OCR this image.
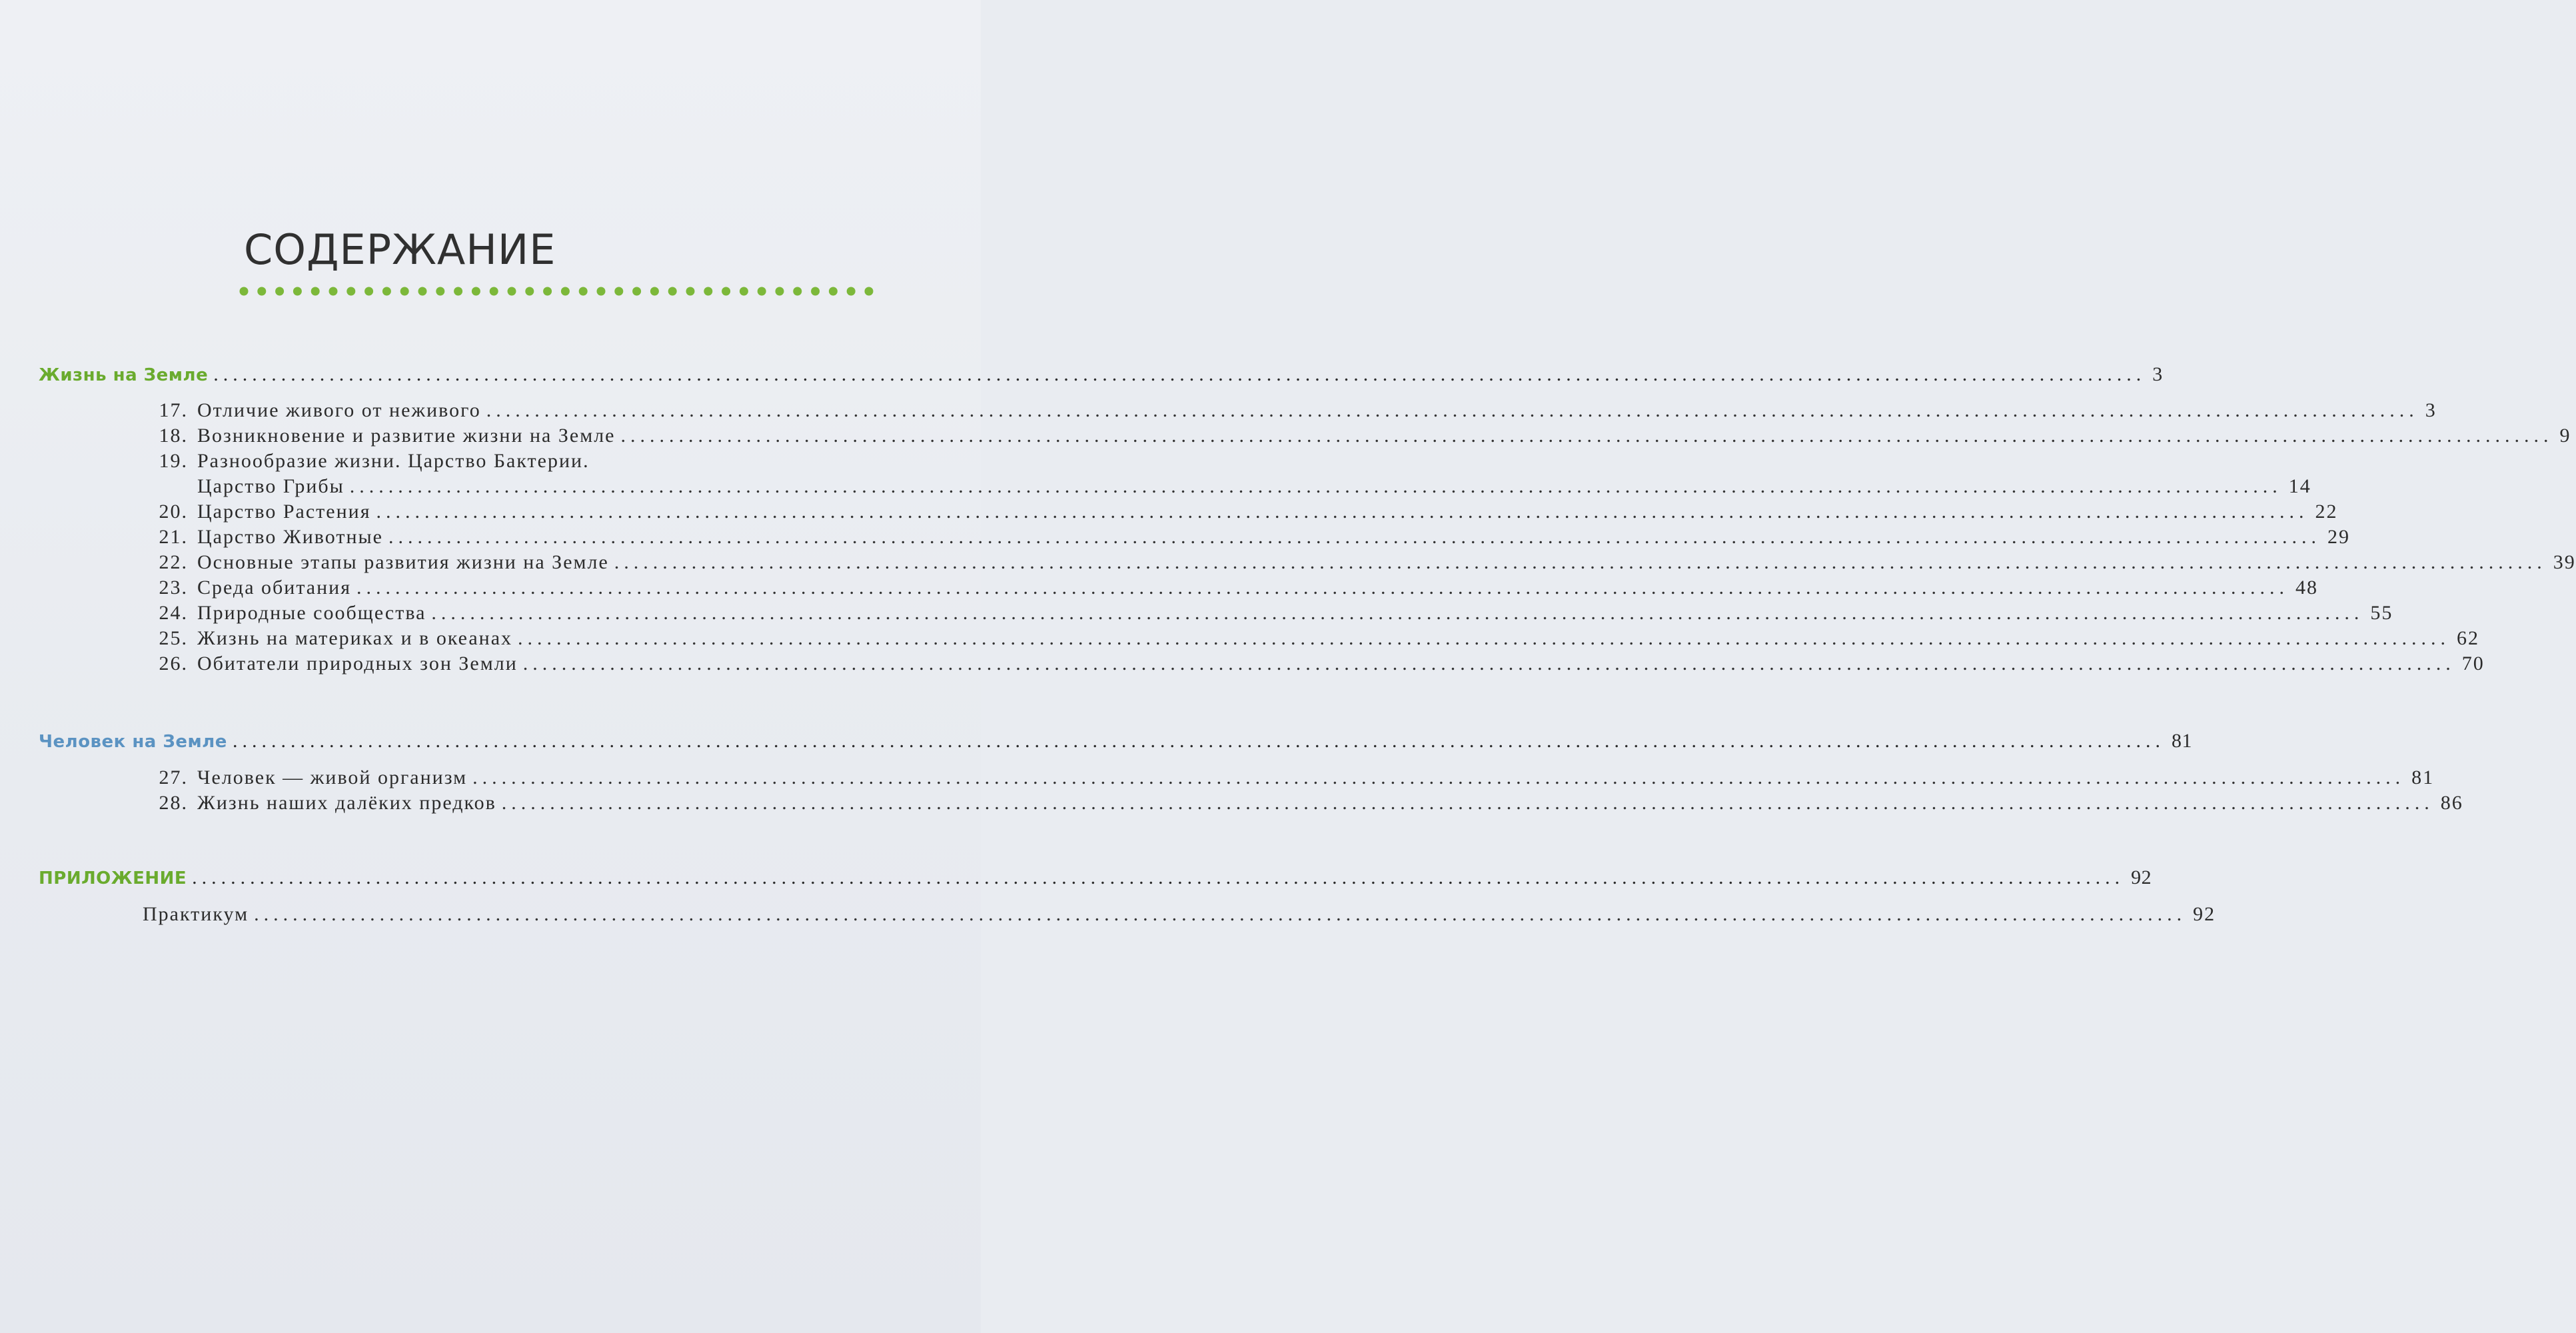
СОДЕРЖАНИЕ
Жизнь на Земле ........................................................................................................................................................................................................ 3
17. Отличие живого от неживого ........................................................................................................................................................................................................ 3
18. Возникновение и развитие жизни на Земле ........................................................................................................................................................................................................ 9
19. Разнообразие жизни. Царство Бактерии.
Царство Грибы ........................................................................................................................................................................................................ 14
20. Царство Растения ........................................................................................................................................................................................................ 22
21. Царство Животные ........................................................................................................................................................................................................ 29
22. Основные этапы развития жизни на Земле ........................................................................................................................................................................................................ 39
23. Среда обитания ........................................................................................................................................................................................................ 48
24. Природные сообщества ........................................................................................................................................................................................................ 55
25. Жизнь на материках и в океанах ........................................................................................................................................................................................................ 62
26. Обитатели природных зон Земли ........................................................................................................................................................................................................ 70
Человек на Земле ........................................................................................................................................................................................................ 81
27. Человек — живой организм ........................................................................................................................................................................................................ 81
28. Жизнь наших далёких предков ........................................................................................................................................................................................................ 86
ПРИЛОЖЕНИЕ ........................................................................................................................................................................................................ 92
Практикум ........................................................................................................................................................................................................ 92
